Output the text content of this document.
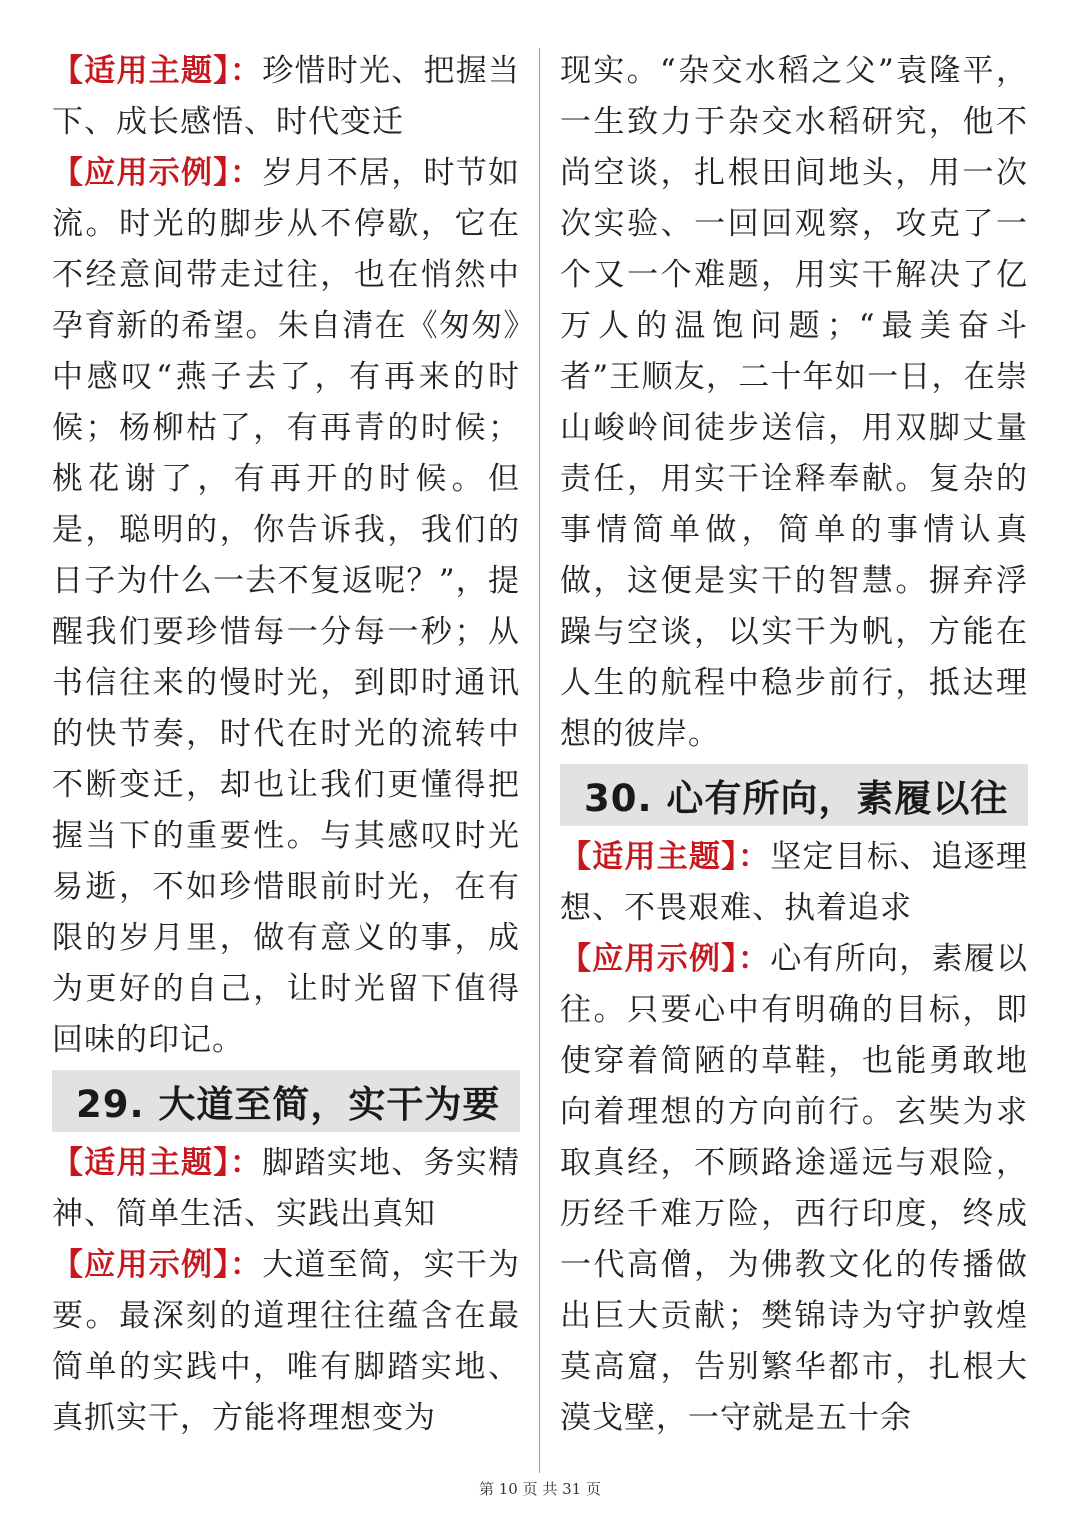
【适用主题】：珍惜时光、把握当下、成长感悟、时代变迁

【应用示例】：岁月不居，时节如流。时光的脚步从不停歇，它在不经意间带走过往，也在悄然中孕育新的希望。朱自清在《匆匆》中感叹“燕子去了，有再来的时候；杨柳枯了，有再青的时候；桃花谢了，有再开的时候。但是，聪明的，你告诉我，我们的日子为什么一去不复返呢？”，提醒我们要珍惜每一分每一秒；从书信往来的慢时光，到即时通讯的快节奏，时代在时光的流转中不断变迁，却也让我们更懂得把握当下的重要性。与其感叹时光易逝，不如珍惜眼前时光，在有限的岁月里，做有意义的事，成为更好的自己，让时光留下值得回味的印记。

29. 大道至简，实干为要

【适用主题】：脚踏实地、务实精神、简单生活、实践出真知

【应用示例】：大道至简，实干为要。最深刻的道理往往蕴含在最简单的实践中，唯有脚踏实地、真抓实干，方能将理想变为

现实。“杂交水稻之父”袁隆平，一生致力于杂交水稻研究，他不尚空谈，扎根田间地头，用一次次实验、一回回观察，攻克了一个又一个难题，用实干解决了亿万人的温饱问题；“最美奋斗者”王顺友，二十年如一日，在崇山峻岭间徒步送信，用双脚丈量责任，用实干诠释奉献。复杂的事情简单做，简单的事情认真做，这便是实干的智慧。摒弃浮躁与空谈，以实干为帆，方能在人生的航程中稳步前行，抵达理想的彼岸。

30. 心有所向，素履以往

【适用主题】：坚定目标、追逐理想、不畏艰难、执着追求

【应用示例】：心有所向，素履以往。只要心中有明确的目标，即使穿着简陋的草鞋，也能勇敢地向着理想的方向前行。玄奘为求取真经，不顾路途遥远与艰险，历经千难万险，西行印度，终成一代高僧，为佛教文化的传播做出巨大贡献；樊锦诗为守护敦煌莫高窟，告别繁华都市，扎根大漠戈壁，一守就是五十余

第 10 页 共 31 页
